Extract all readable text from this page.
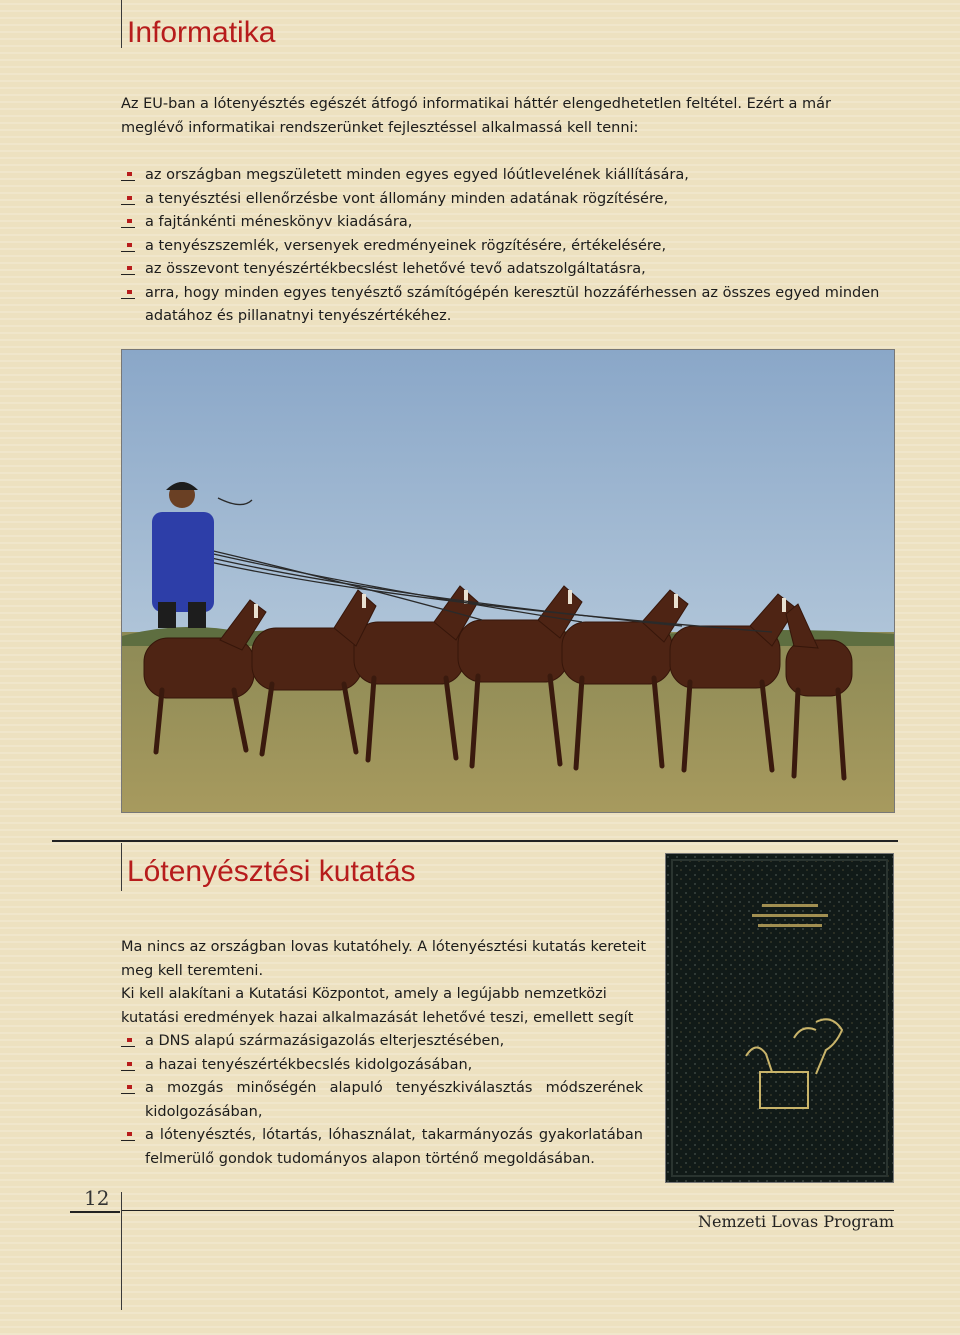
Informatika

Az EU-ban a lótenyésztés egészét átfogó informatikai háttér elengedhetetlen feltétel. Ezért a már meglévő informatikai rendszerünket fejlesztéssel alkalmassá kell tenni:

az országban megszületett minden egyes egyed lóútlevelének kiállítására,
a tenyésztési ellenőrzésbe vont állomány minden adatának rögzítésére,
a fajtánkénti méneskönyv kiadására,
a tenyészszemlék, versenyek eredményeinek rögzítésére, értékelésére,
az összevont tenyészértékbecslést lehetővé tevő adatszolgáltatásra,
arra, hogy minden egyes tenyésztő számítógépén keresztül hozzáférhessen az összes egyed minden adatához és pillanatnyi tenyészértékéhez.
Lótenyésztési kutatás

Ma nincs az országban lovas kutatóhely. A lótenyésztési kutatás kereteit meg kell teremteni.

Ki kell alakítani a Kutatási Központot, amely a legújabb nemzetközi kutatási eredmények hazai alkalmazását lehetővé teszi, emellett segít

a DNS alapú származásigazolás elterjesztésében,
a hazai tenyészértékbecslés kidolgozásában,
a mozgás minőségén alapuló tenyészkiválasztás módszerének kidolgozásában,
a lótenyésztés, lótartás, lóhasználat, takarmányozás gyakorlatában felmerülő gondok tudományos alapon történő megoldásában.

12

Nemzeti Lovas Program
